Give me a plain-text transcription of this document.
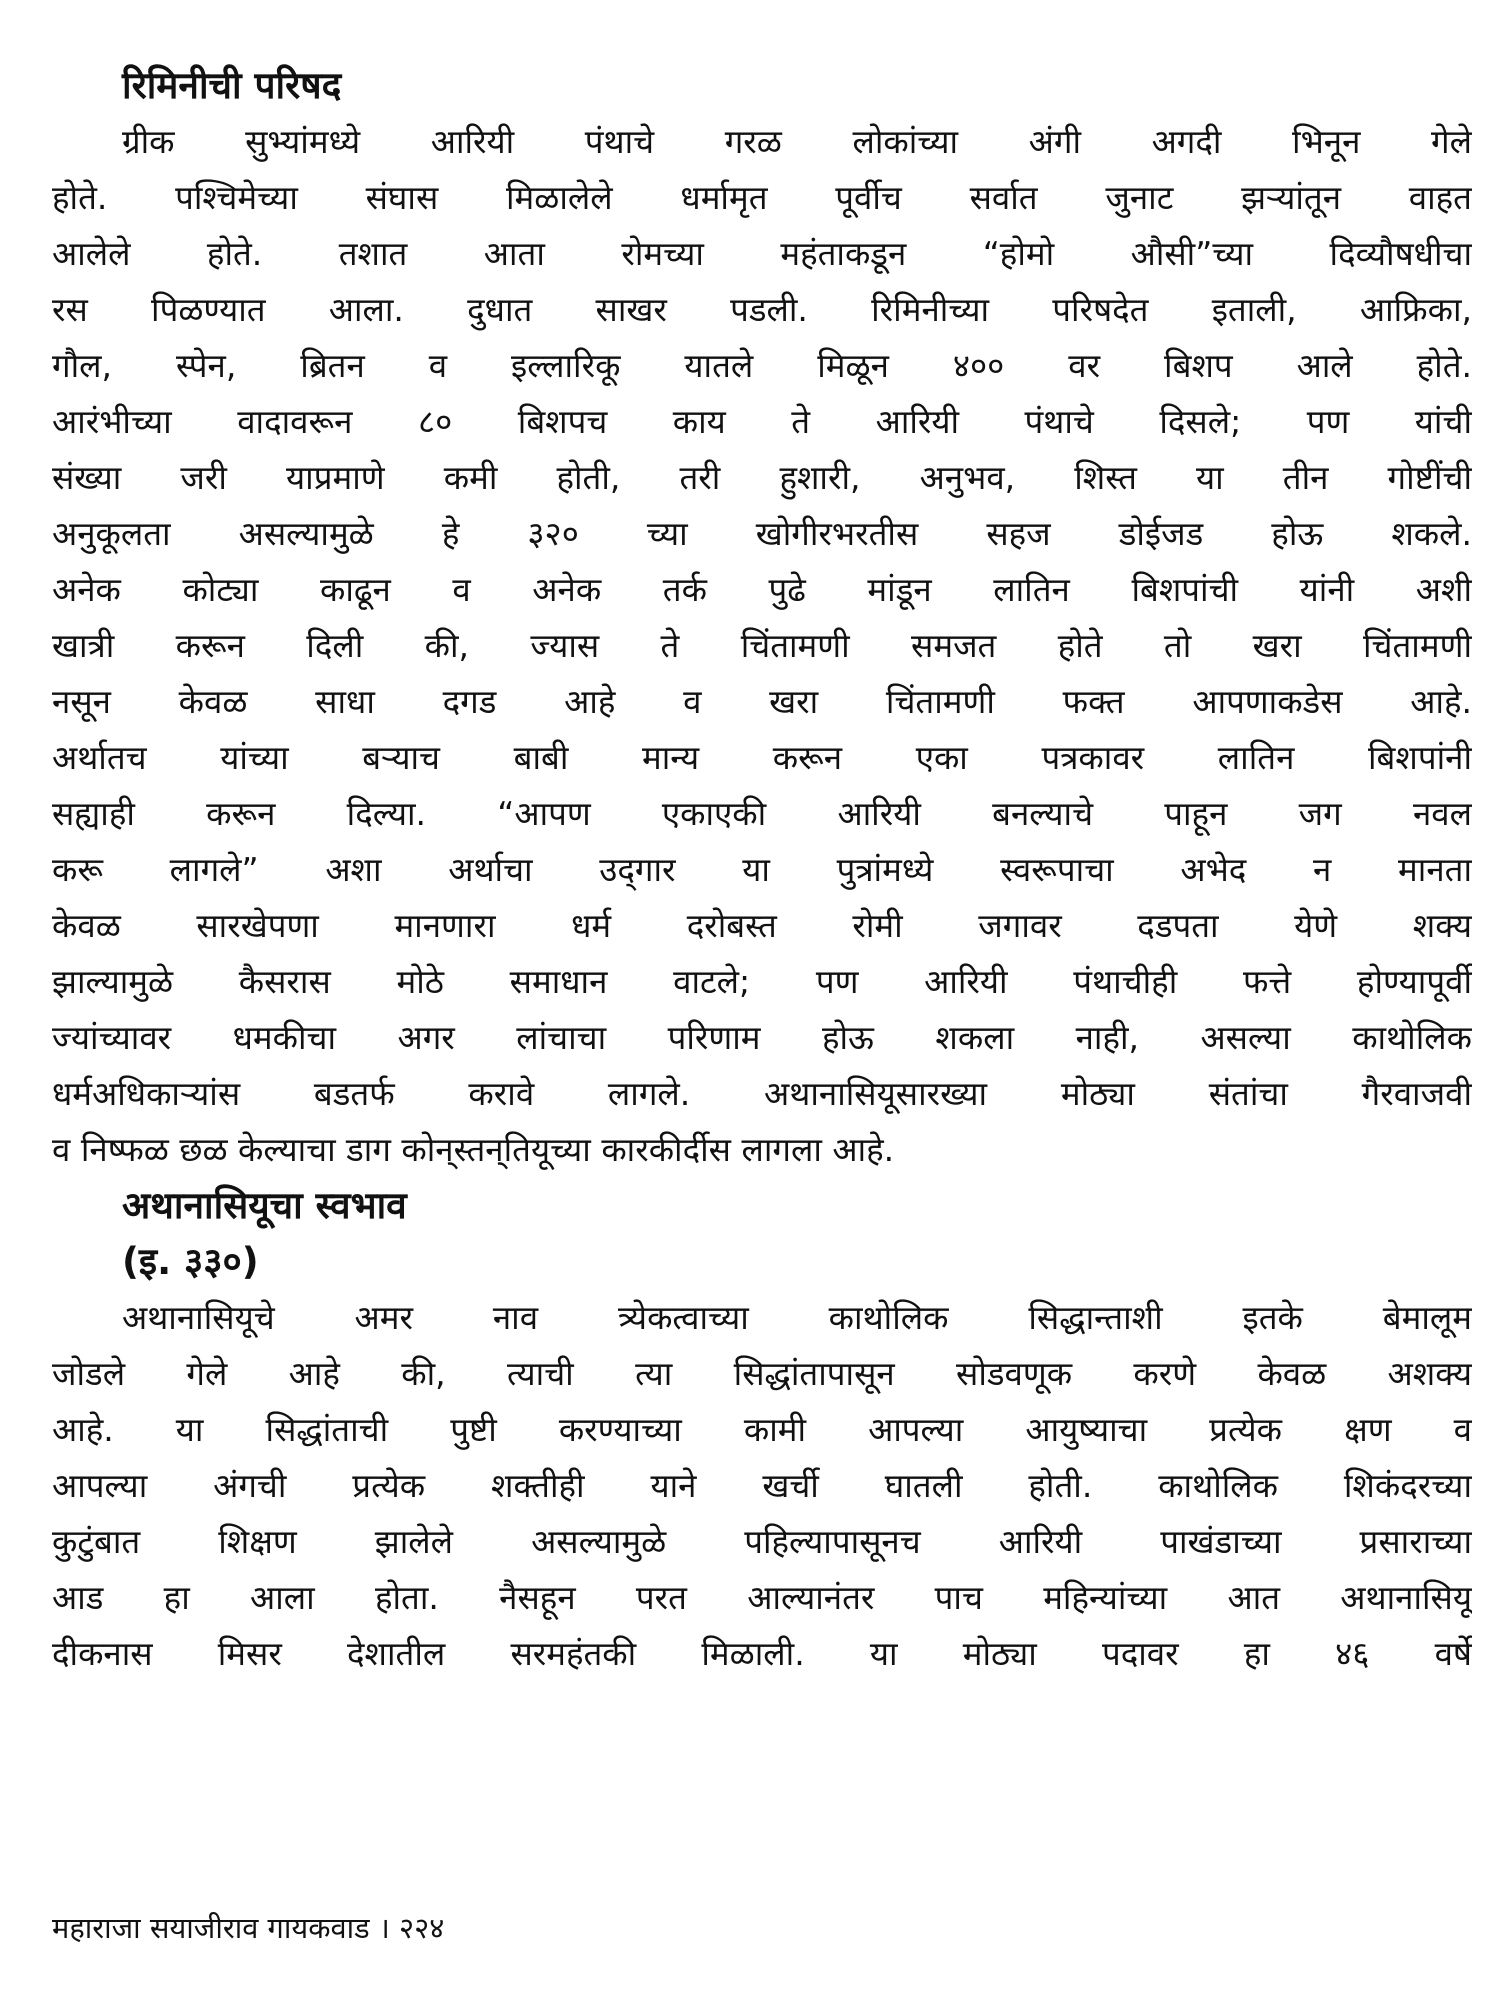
रिमिनीची परिषद
ग्रीक सुभ्यांमध्ये आरियी पंथाचे गरळ लोकांच्या अंगी अगदी भिनून गेले
होते. पश्चिमेच्या संघास मिळालेले धर्मामृत पूर्वीच सर्वात जुनाट झऱ्यांतून वाहत
आलेले होते. तशात आता रोमच्या महंताकडून “होमो औसी”च्या दिव्यौषधीचा
रस पिळण्यात आला. दुधात साखर पडली. रिमिनीच्या परिषदेत इताली, आफ्रिका,
गौल, स्पेन, ब्रितन व इल्लारिकू यातले मिळून ४०० वर बिशप आले होते.
आरंभीच्या वादावरून ८० बिशपच काय ते आरियी पंथाचे दिसले; पण यांची
संख्या जरी याप्रमाणे कमी होती, तरी हुशारी, अनुभव, शिस्त या तीन गोष्टींची
अनुकूलता असल्यामुळे हे ३२० च्या खोगीरभरतीस सहज डोईजड होऊ शकले.
अनेक कोट्या काढून व अनेक तर्क पुढे मांडून लातिन बिशपांची यांनी अशी
खात्री करून दिली की, ज्यास ते चिंतामणी समजत होते तो खरा चिंतामणी
नसून केवळ साधा दगड आहे व खरा चिंतामणी फक्त आपणाकडेस आहे.
अर्थातच यांच्या बऱ्याच बाबी मान्य करून एका पत्रकावर लातिन बिशपांनी
सह्याही करून दिल्या. “आपण एकाएकी आरियी बनल्याचे पाहून जग नवल
करू लागले” अशा अर्थाचा उद्‌गार या पुत्रांमध्ये स्वरूपाचा अभेद न मानता
केवळ सारखेपणा मानणारा धर्म दरोबस्त रोमी जगावर दडपता येणे शक्य
झाल्यामुळे कैसरास मोठे समाधान वाटले; पण आरियी पंथाचीही फत्ते होण्यापूर्वी
ज्यांच्यावर धमकीचा अगर लांचाचा परिणाम होऊ शकला नाही, असल्या काथोलिक
धर्मअधिकाऱ्यांस बडतर्फ करावे लागले. अथानासियूसारख्या मोठ्या संतांचा गैरवाजवी
व निष्फळ छळ केल्याचा डाग कोन्‌स्तन्‌तियूच्या कारकीर्दीस लागला आहे.
अथानासियूचा स्वभाव
(इ. ३३०)
अथानासियूचे अमर नाव त्र्येकत्वाच्या काथोलिक सिद्धान्ताशी इतके बेमालूम
जोडले गेले आहे की, त्याची त्या सिद्धांतापासून सोडवणूक करणे केवळ अशक्य
आहे. या सिद्धांताची पुष्टी करण्याच्या कामी आपल्या आयुष्याचा प्रत्येक क्षण व
आपल्या अंगची प्रत्येक शक्तीही याने खर्ची घातली होती. काथोलिक शिकंदरच्या
कुटुंबात शिक्षण झालेले असल्यामुळे पहिल्यापासूनच आरियी पाखंडाच्या प्रसाराच्या
आड हा आला होता. नैसहून परत आल्यानंतर पाच महिन्यांच्या आत अथानासियू
दीकनास मिसर देशातील सरमहंतकी मिळाली. या मोठ्या पदावर हा ४६ वर्षे
महाराजा सयाजीराव गायकवाड । २२४
